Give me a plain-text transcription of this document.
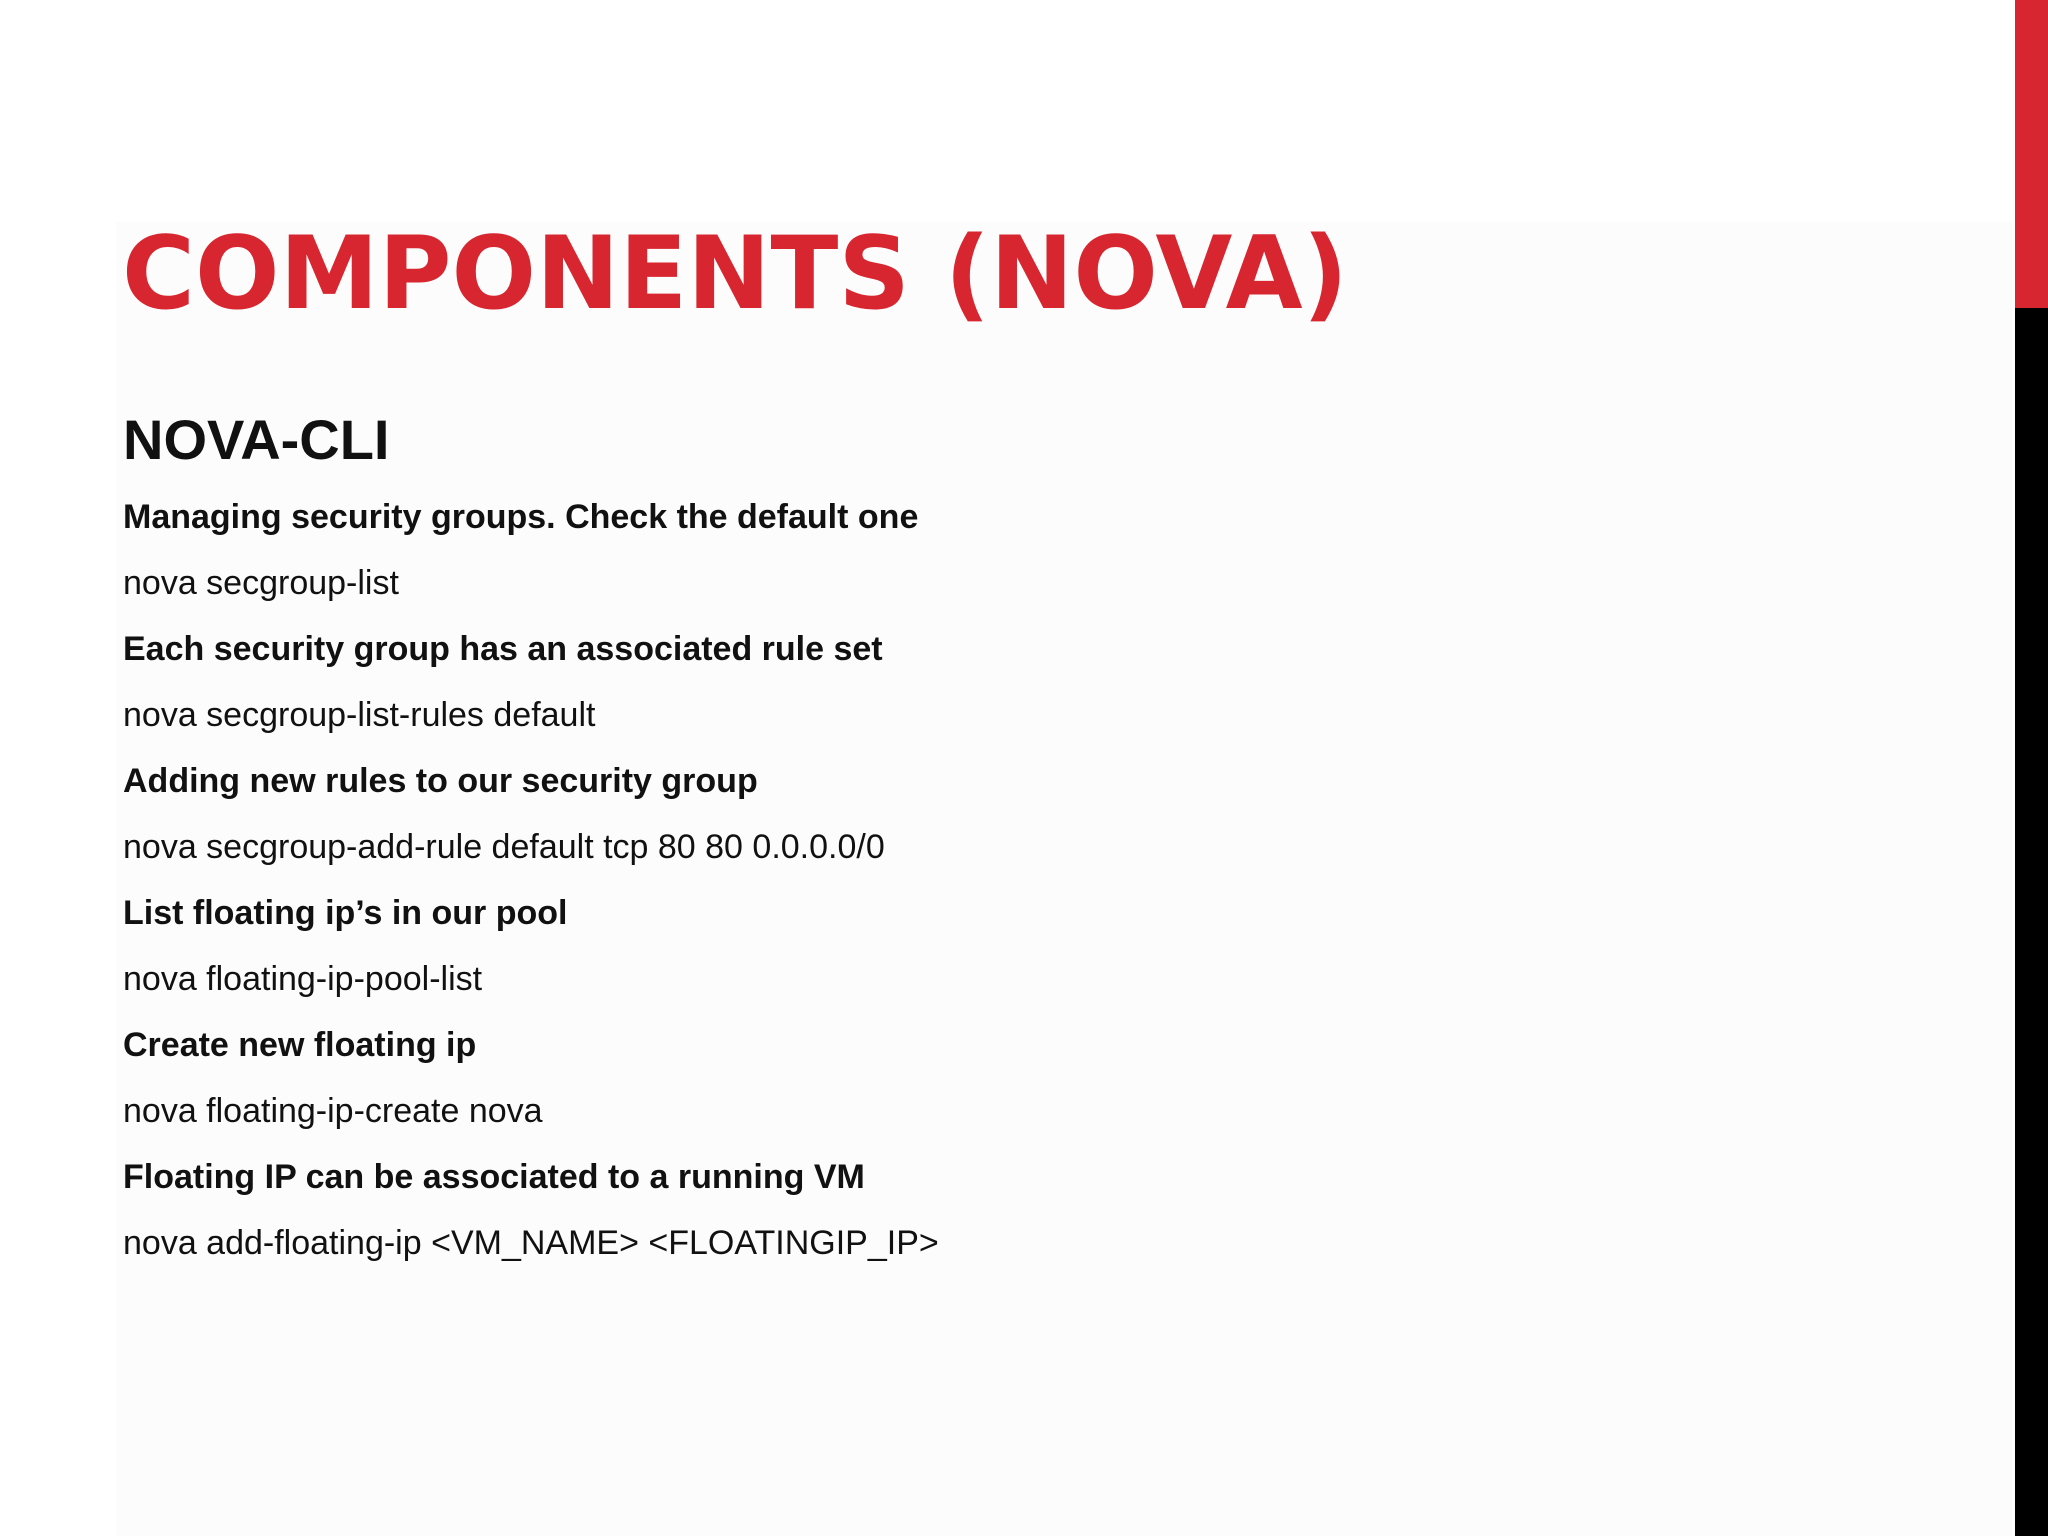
COMPONENTS (NOVA)
NOVA-CLI
Managing security groups. Check the default one
nova secgroup-list
Each security group has an associated rule set
nova secgroup-list-rules default
Adding new rules to our security group
nova secgroup-add-rule default tcp 80 80 0.0.0.0/0
List floating ip’s in our pool
nova floating-ip-pool-list
Create new floating ip
nova floating-ip-create nova
Floating IP can be associated to a running VM
nova add-floating-ip <VM_NAME> <FLOATINGIP_IP>
